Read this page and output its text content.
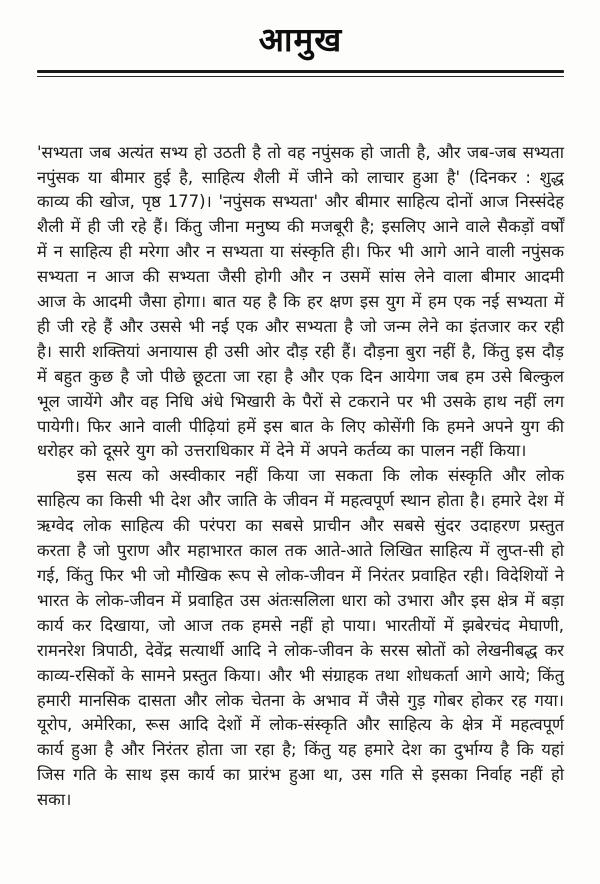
आमुख

'सभ्यता जब अत्यंत सभ्य हो उठती है तो वह नपुंसक हो जाती है, और जब-जब सभ्यता नपुंसक या बीमार हुई है, साहित्य शैली में जीने को लाचार हुआ है' (दिनकर : शुद्ध काव्य की खोज, पृष्ठ 177)। 'नपुंसक सभ्यता' और बीमार साहित्य दोनों आज निस्संदेह शैली में ही जी रहे हैं। किंतु जीना मनुष्य की मजबूरी है; इसलिए आने वाले सैकड़ों वर्षों में न साहित्य ही मरेगा और न सभ्यता या संस्कृति ही। फिर भी आगे आने वाली नपुंसक सभ्यता न आज की सभ्यता जैसी होगी और न उसमें सांस लेने वाला बीमार आदमी आज के आदमी जैसा होगा। बात यह है कि हर क्षण इस युग में हम एक नई सभ्यता में ही जी रहे हैं और उससे भी नई एक और सभ्यता है जो जन्म लेने का इंतजार कर रही है। सारी शक्तियां अनायास ही उसी ओर दौड़ रही हैं। दौड़ना बुरा नहीं है, किंतु इस दौड़ में बहुत कुछ है जो पीछे छूटता जा रहा है और एक दिन आयेगा जब हम उसे बिल्कुल भूल जायेंगे और वह निधि अंधे भिखारी के पैरों से टकराने पर भी उसके हाथ नहीं लग पायेगी। फिर आने वाली पीढ़ियां हमें इस बात के लिए कोसेंगी कि हमने अपने युग की धरोहर को दूसरे युग को उत्तराधिकार में देने में अपने कर्तव्य का पालन नहीं किया।

इस सत्य को अस्वीकार नहीं किया जा सकता कि लोक संस्कृति और लोक साहित्य का किसी भी देश और जाति के जीवन में महत्वपूर्ण स्थान होता है। हमारे देश में ऋग्वेद लोक साहित्य की परंपरा का सबसे प्राचीन और सबसे सुंदर उदाहरण प्रस्तुत करता है जो पुराण और महाभारत काल तक आते-आते लिखित साहित्य में लुप्त-सी हो गई, किंतु फिर भी जो मौखिक रूप से लोक-जीवन में निरंतर प्रवाहित रही। विदेशियों ने भारत के लोक-जीवन में प्रवाहित उस अंतःसलिला धारा को उभारा और इस क्षेत्र में बड़ा कार्य कर दिखाया, जो आज तक हमसे नहीं हो पाया। भारतीयों में झबेरचंद मेघाणी, रामनरेश त्रिपाठी, देवेंद्र सत्यार्थी आदि ने लोक-जीवन के सरस स्रोतों को लेखनीबद्ध कर काव्य-रसिकों के सामने प्रस्तुत किया। और भी संग्राहक तथा शोधकर्ता आगे आये; किंतु हमारी मानसिक दासता और लोक चेतना के अभाव में जैसे गुड़ गोबर होकर रह गया। यूरोप, अमेरिका, रूस आदि देशों में लोक-संस्कृति और साहित्य के क्षेत्र में महत्वपूर्ण कार्य हुआ है और निरंतर होता जा रहा है; किंतु यह हमारे देश का दुर्भाग्य है कि यहां जिस गति के साथ इस कार्य का प्रारंभ हुआ था, उस गति से इसका निर्वाह नहीं हो सका।
